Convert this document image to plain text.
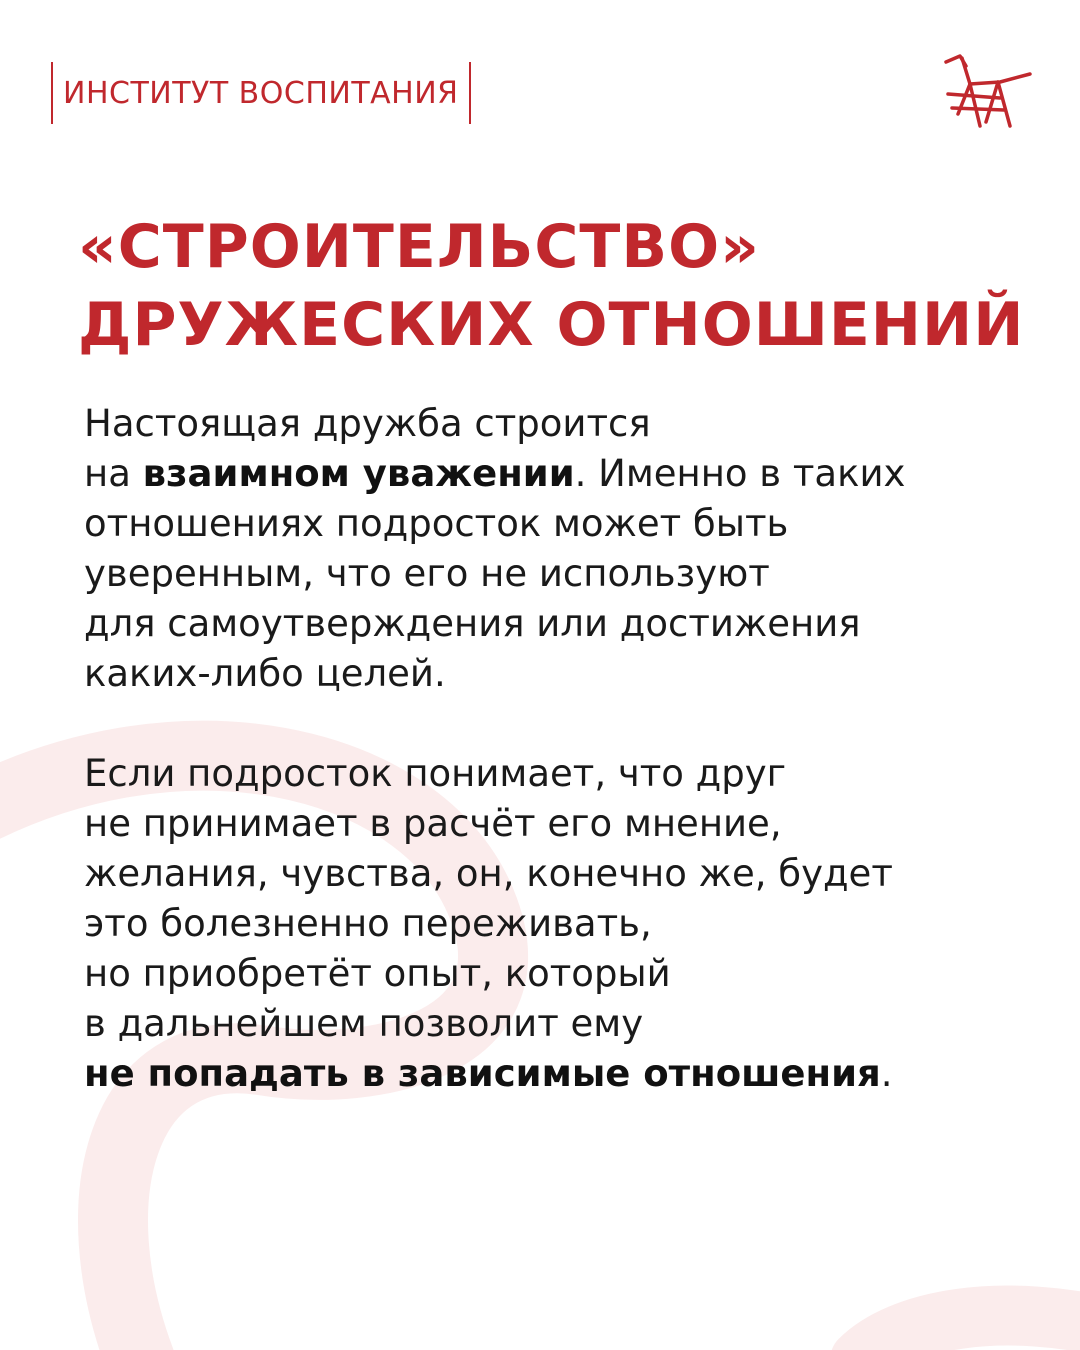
ИНСТИТУТ ВОСПИТАНИЯ
«СТРОИТЕЛЬСТВО»
ДРУЖЕСКИХ ОТНОШЕНИЙ
Настоящая дружба строится
на взаимном уважении. Именно в таких
отношениях подросток может быть
уверенным, что его не используют
для самоутверждения или достижения
каких-либо целей.
Если подросток понимает, что друг
не принимает в расчёт его мнение,
желания, чувства, он, конечно же, будет
это болезненно переживать,
но приобретёт опыт, который
в дальнейшем позволит ему
не попадать в зависимые отношения.
